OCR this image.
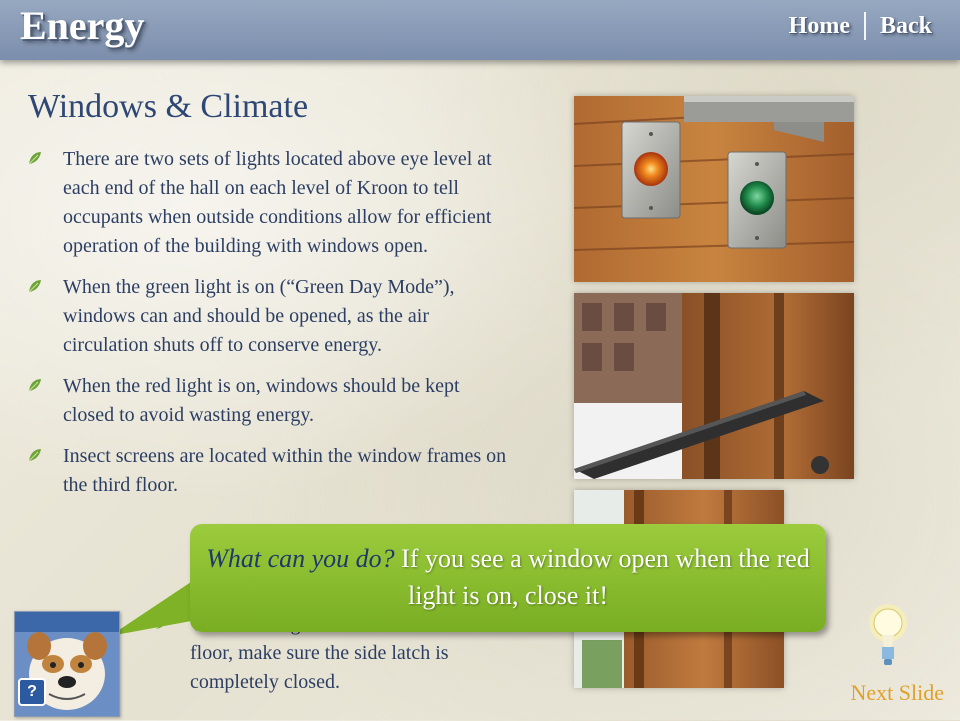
Energy	Home Back
Windows & Climate
There are two sets of lights located above eye level at each end of the hall on each level of Kroon to tell occupants when outside conditions allow for efficient operation of the building with windows open.
When the green light is on (“Green Day Mode”), windows can and should be opened, as the air circulation shuts off to conserve energy.
When the red light is on, windows should be kept closed to avoid wasting energy.
Insect screens are located within the window frames on the third floor.
floor, make sure the side latch is completely closed.
What can you do? If you see a window open when the red light is on, close it!
?	Next Slide
